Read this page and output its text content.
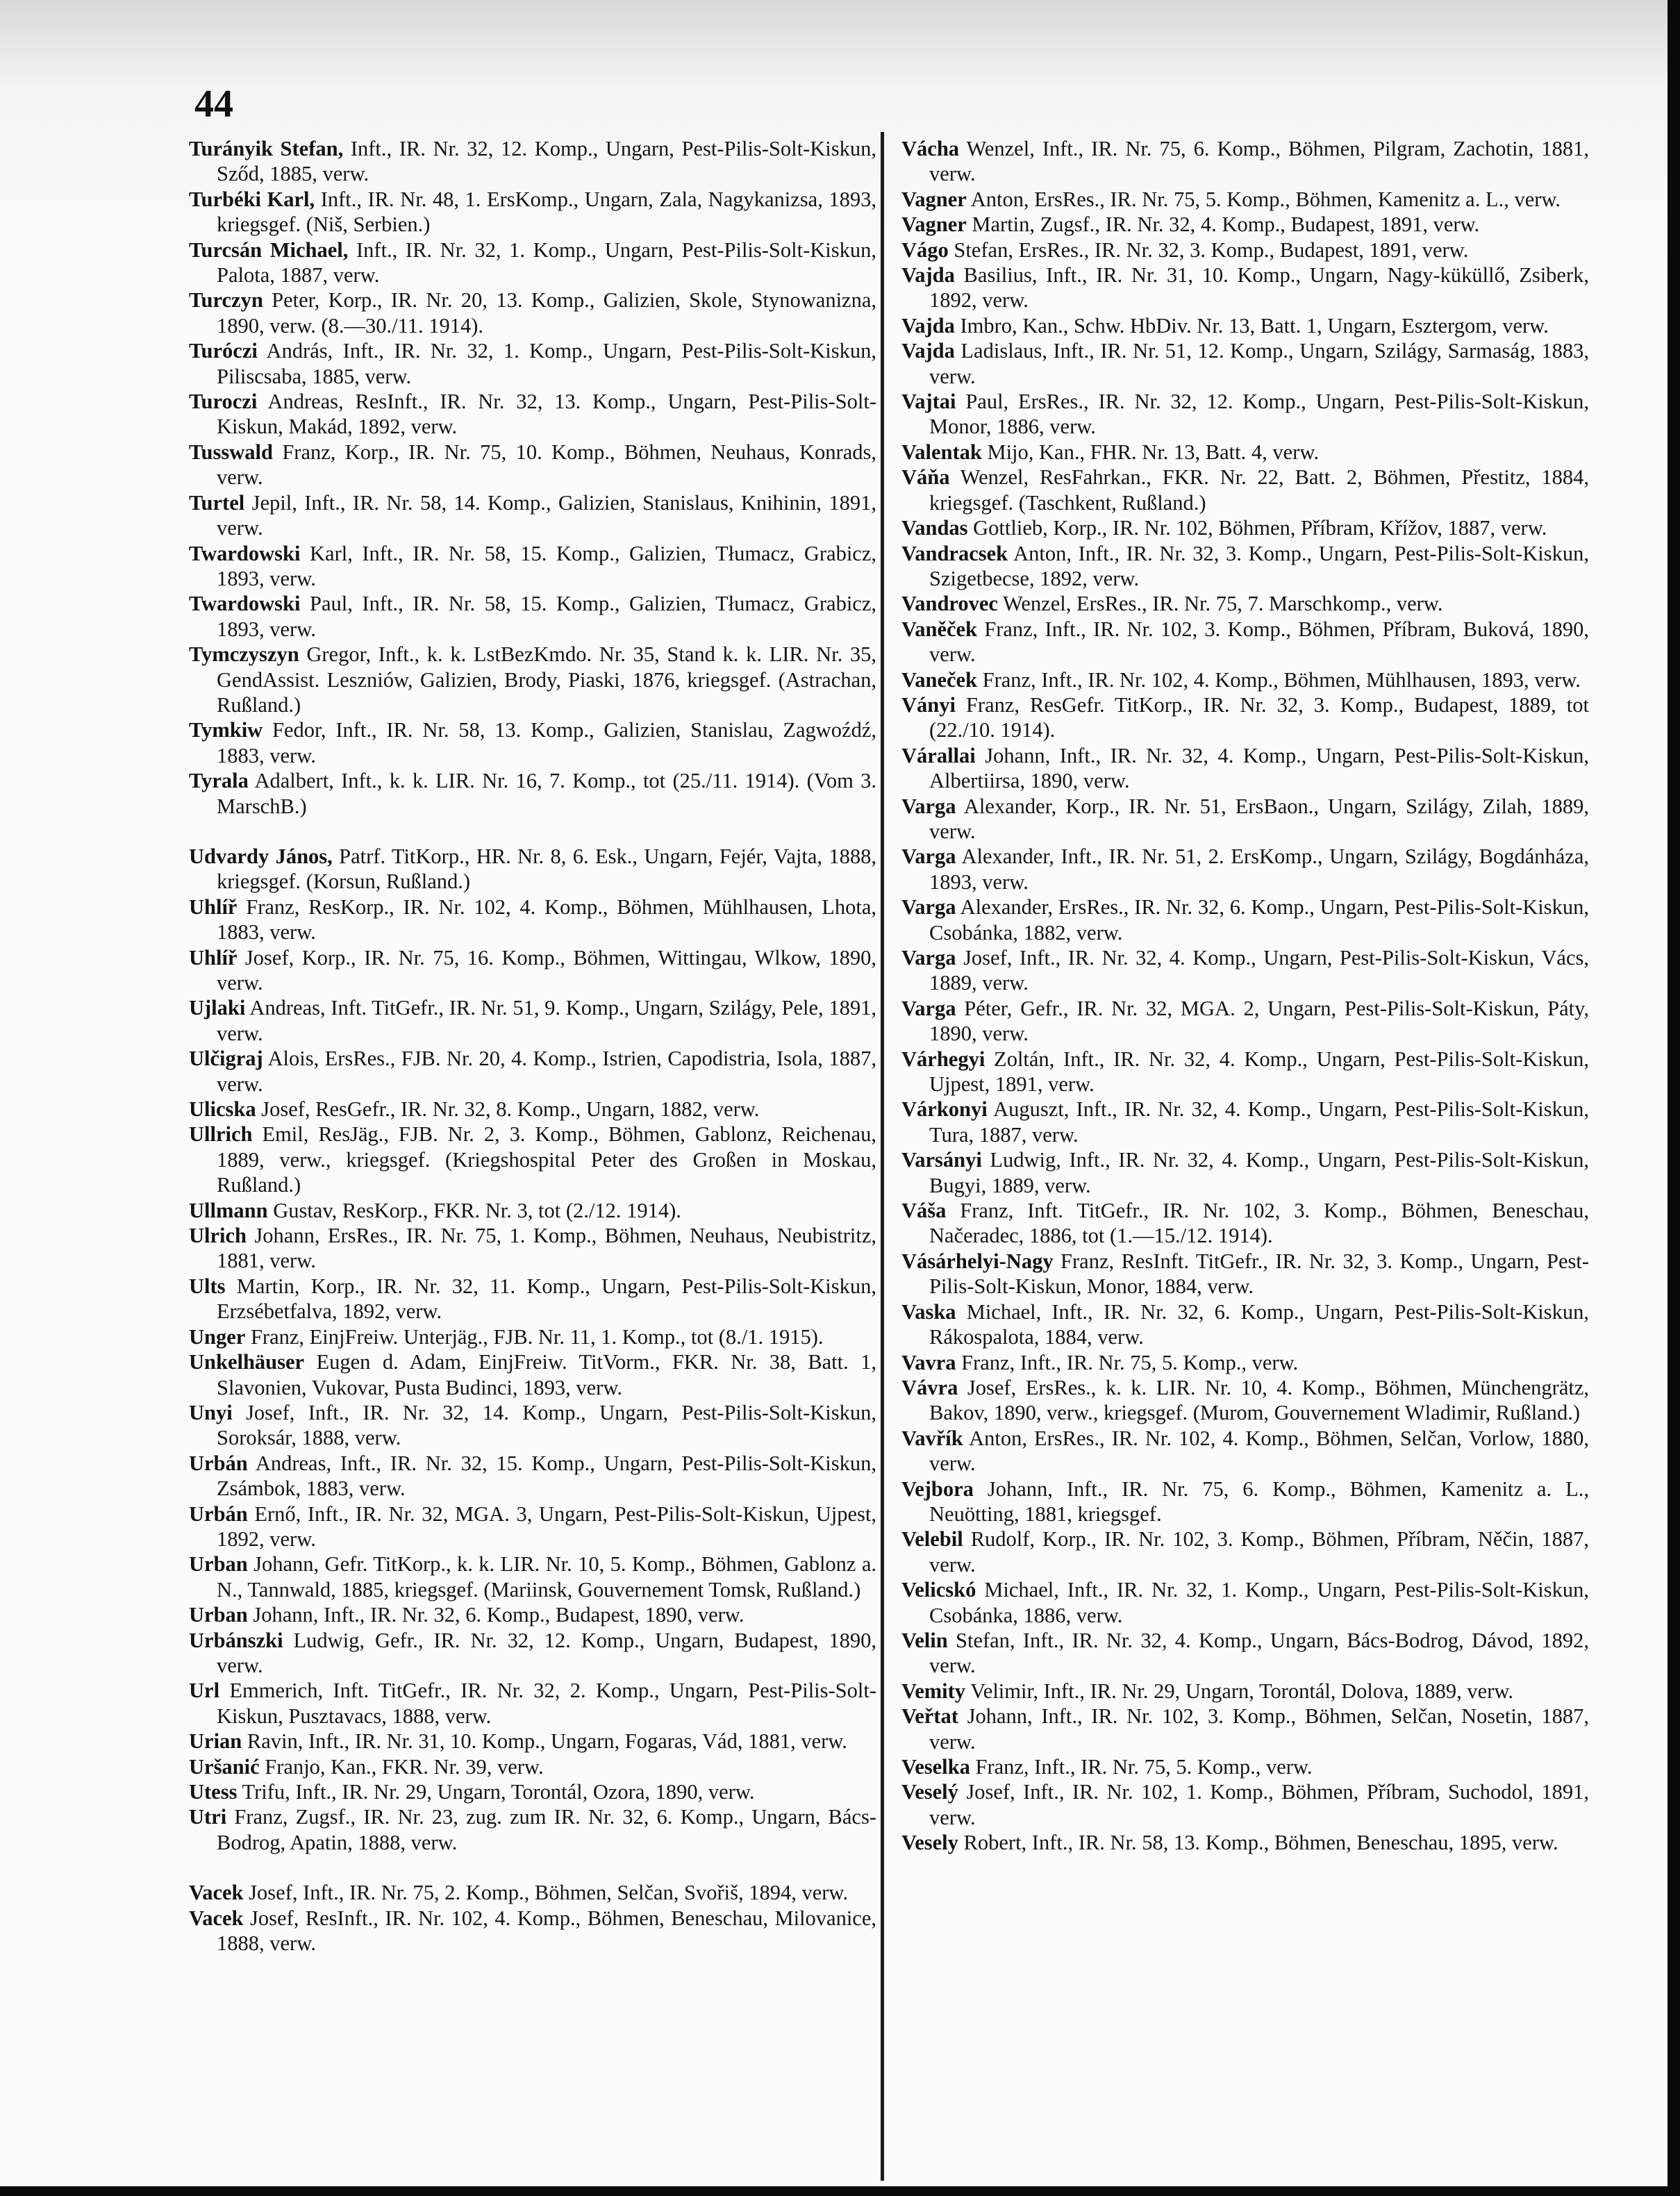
44
Turányik Stefan, Inft., IR. Nr. 32, 12. Komp., Ungarn, Pest-Pilis-Solt-Kiskun, Sződ, 1885, verw.
Turbéki Karl, Inft., IR. Nr. 48, 1. ErsKomp., Ungarn, Zala, Nagykanizsa, 1893, kriegsgef. (Niš, Serbien.)
Turcsán Michael, Inft., IR. Nr. 32, 1. Komp., Ungarn, Pest-Pilis-Solt-Kiskun, Palota, 1887, verw.
Turczyn Peter, Korp., IR. Nr. 20, 13. Komp., Galizien, Skole, Stynowanizna, 1890, verw. (8.—30./11. 1914).
Turóczi András, Inft., IR. Nr. 32, 1. Komp., Ungarn, Pest-Pilis-Solt-Kiskun, Piliscsaba, 1885, verw.
Turoczi Andreas, ResInft., IR. Nr. 32, 13. Komp., Ungarn, Pest-Pilis-Solt-Kiskun, Makád, 1892, verw.
Tusswald Franz, Korp., IR. Nr. 75, 10. Komp., Böhmen, Neuhaus, Konrads, verw.
Turtel Jepil, Inft., IR. Nr. 58, 14. Komp., Galizien, Stanislaus, Knihinin, 1891, verw.
Twardowski Karl, Inft., IR. Nr. 58, 15. Komp., Galizien, Tłumacz, Grabicz, 1893, verw.
Twardowski Paul, Inft., IR. Nr. 58, 15. Komp., Galizien, Tłumacz, Grabicz, 1893, verw.
Tymczyszyn Gregor, Inft., k. k. LstBezKmdo. Nr. 35, Stand k. k. LIR. Nr. 35, GendAssist. Leszniów, Galizien, Brody, Piaski, 1876, kriegsgef. (Astrachan, Rußland.)
Tymkiw Fedor, Inft., IR. Nr. 58, 13. Komp., Galizien, Stanislau, Zagwoźdź, 1883, verw.
Tyrala Adalbert, Inft., k. k. LIR. Nr. 16, 7. Komp., tot (25./11. 1914). (Vom 3. MarschB.)
Udvardy János, Patrf. TitKorp., HR. Nr. 8, 6. Esk., Ungarn, Fejér, Vajta, 1888, kriegsgef. (Korsun, Rußland.)
Uhlíř Franz, ResKorp., IR. Nr. 102, 4. Komp., Böhmen, Mühlhausen, Lhota, 1883, verw.
Uhlíř Josef, Korp., IR. Nr. 75, 16. Komp., Böhmen, Wittingau, Wlkow, 1890, verw.
Ujlaki Andreas, Inft. TitGefr., IR. Nr. 51, 9. Komp., Ungarn, Szilágy, Pele, 1891, verw.
Ulčigraj Alois, ErsRes., FJB. Nr. 20, 4. Komp., Istrien, Capodistria, Isola, 1887, verw.
Ulicska Josef, ResGefr., IR. Nr. 32, 8. Komp., Ungarn, 1882, verw.
Ullrich Emil, ResJäg., FJB. Nr. 2, 3. Komp., Böhmen, Gablonz, Reichenau, 1889, verw., kriegsgef. (Kriegshospital Peter des Großen in Moskau, Rußland.)
Ullmann Gustav, ResKorp., FKR. Nr. 3, tot (2./12. 1914).
Ulrich Johann, ErsRes., IR. Nr. 75, 1. Komp., Böhmen, Neuhaus, Neubistritz, 1881, verw.
Ults Martin, Korp., IR. Nr. 32, 11. Komp., Ungarn, Pest-Pilis-Solt-Kiskun, Erzsébetfalva, 1892, verw.
Unger Franz, EinjFreiw. Unterjäg., FJB. Nr. 11, 1. Komp., tot (8./1. 1915).
Unkelhäuser Eugen d. Adam, EinjFreiw. TitVorm., FKR. Nr. 38, Batt. 1, Slavonien, Vukovar, Pusta Budinci, 1893, verw.
Unyi Josef, Inft., IR. Nr. 32, 14. Komp., Ungarn, Pest-Pilis-Solt-Kiskun, Soroksár, 1888, verw.
Urbán Andreas, Inft., IR. Nr. 32, 15. Komp., Ungarn, Pest-Pilis-Solt-Kiskun, Zsámbok, 1883, verw.
Urbán Ernő, Inft., IR. Nr. 32, MGA. 3, Ungarn, Pest-Pilis-Solt-Kiskun, Ujpest, 1892, verw.
Urban Johann, Gefr. TitKorp., k. k. LIR. Nr. 10, 5. Komp., Böhmen, Gablonz a. N., Tannwald, 1885, kriegsgef. (Mariinsk, Gouvernement Tomsk, Rußland.)
Urban Johann, Inft., IR. Nr. 32, 6. Komp., Budapest, 1890, verw.
Urbánszki Ludwig, Gefr., IR. Nr. 32, 12. Komp., Ungarn, Budapest, 1890, verw.
Url Emmerich, Inft. TitGefr., IR. Nr. 32, 2. Komp., Ungarn, Pest-Pilis-Solt-Kiskun, Pusztavacs, 1888, verw.
Urian Ravin, Inft., IR. Nr. 31, 10. Komp., Ungarn, Fogaras, Vád, 1881, verw.
Uršanić Franjo, Kan., FKR. Nr. 39, verw.
Utess Trifu, Inft., IR. Nr. 29, Ungarn, Torontál, Ozora, 1890, verw.
Utri Franz, Zugsf., IR. Nr. 23, zug. zum IR. Nr. 32, 6. Komp., Ungarn, Bács-Bodrog, Apatin, 1888, verw.
Vacek Josef, Inft., IR. Nr. 75, 2. Komp., Böhmen, Selčan, Svořiš, 1894, verw.
Vacek Josef, ResInft., IR. Nr. 102, 4. Komp., Böhmen, Beneschau, Milovanice, 1888, verw.
Vácha Wenzel, Inft., IR. Nr. 75, 6. Komp., Böhmen, Pilgram, Zachotin, 1881, verw.
Vagner Anton, ErsRes., IR. Nr. 75, 5. Komp., Böhmen, Kamenitz a. L., verw.
Vagner Martin, Zugsf., IR. Nr. 32, 4. Komp., Budapest, 1891, verw.
Vágo Stefan, ErsRes., IR. Nr. 32, 3. Komp., Budapest, 1891, verw.
Vajda Basilius, Inft., IR. Nr. 31, 10. Komp., Ungarn, Nagy-küküllő, Zsiberk, 1892, verw.
Vajda Imbro, Kan., Schw. HbDiv. Nr. 13, Batt. 1, Ungarn, Esztergom, verw.
Vajda Ladislaus, Inft., IR. Nr. 51, 12. Komp., Ungarn, Szilágy, Sarmaság, 1883, verw.
Vajtai Paul, ErsRes., IR. Nr. 32, 12. Komp., Ungarn, Pest-Pilis-Solt-Kiskun, Monor, 1886, verw.
Valentak Mijo, Kan., FHR. Nr. 13, Batt. 4, verw.
Váňa Wenzel, ResFahrkan., FKR. Nr. 22, Batt. 2, Böhmen, Přestitz, 1884, kriegsgef. (Taschkent, Rußland.)
Vandas Gottlieb, Korp., IR. Nr. 102, Böhmen, Příbram, Křížov, 1887, verw.
Vandracsek Anton, Inft., IR. Nr. 32, 3. Komp., Ungarn, Pest-Pilis-Solt-Kiskun, Szigetbecse, 1892, verw.
Vandrovec Wenzel, ErsRes., IR. Nr. 75, 7. Marschkomp., verw.
Vaněček Franz, Inft., IR. Nr. 102, 3. Komp., Böhmen, Příbram, Buková, 1890, verw.
Vaneček Franz, Inft., IR. Nr. 102, 4. Komp., Böhmen, Mühlhausen, 1893, verw.
Ványi Franz, ResGefr. TitKorp., IR. Nr. 32, 3. Komp., Budapest, 1889, tot (22./10. 1914).
Várallai Johann, Inft., IR. Nr. 32, 4. Komp., Ungarn, Pest-Pilis-Solt-Kiskun, Albertiirsa, 1890, verw.
Varga Alexander, Korp., IR. Nr. 51, ErsBaon., Ungarn, Szilágy, Zilah, 1889, verw.
Varga Alexander, Inft., IR. Nr. 51, 2. ErsKomp., Ungarn, Szilágy, Bogdánháza, 1893, verw.
Varga Alexander, ErsRes., IR. Nr. 32, 6. Komp., Ungarn, Pest-Pilis-Solt-Kiskun, Csobánka, 1882, verw.
Varga Josef, Inft., IR. Nr. 32, 4. Komp., Ungarn, Pest-Pilis-Solt-Kiskun, Vács, 1889, verw.
Varga Péter, Gefr., IR. Nr. 32, MGA. 2, Ungarn, Pest-Pilis-Solt-Kiskun, Páty, 1890, verw.
Várhegyi Zoltán, Inft., IR. Nr. 32, 4. Komp., Ungarn, Pest-Pilis-Solt-Kiskun, Ujpest, 1891, verw.
Várkonyi Auguszt, Inft., IR. Nr. 32, 4. Komp., Ungarn, Pest-Pilis-Solt-Kiskun, Tura, 1887, verw.
Varsányi Ludwig, Inft., IR. Nr. 32, 4. Komp., Ungarn, Pest-Pilis-Solt-Kiskun, Bugyi, 1889, verw.
Váša Franz, Inft. TitGefr., IR. Nr. 102, 3. Komp., Böhmen, Beneschau, Načeradec, 1886, tot (1.—15./12. 1914).
Vásárhelyi-Nagy Franz, ResInft. TitGefr., IR. Nr. 32, 3. Komp., Ungarn, Pest-Pilis-Solt-Kiskun, Monor, 1884, verw.
Vaska Michael, Inft., IR. Nr. 32, 6. Komp., Ungarn, Pest-Pilis-Solt-Kiskun, Rákospalota, 1884, verw.
Vavra Franz, Inft., IR. Nr. 75, 5. Komp., verw.
Vávra Josef, ErsRes., k. k. LIR. Nr. 10, 4. Komp., Böhmen, Münchengrätz, Bakov, 1890, verw., kriegsgef. (Murom, Gouvernement Wladimir, Rußland.)
Vavřík Anton, ErsRes., IR. Nr. 102, 4. Komp., Böhmen, Selčan, Vorlow, 1880, verw.
Vejbora Johann, Inft., IR. Nr. 75, 6. Komp., Böhmen, Kamenitz a. L., Neuötting, 1881, kriegsgef.
Velebil Rudolf, Korp., IR. Nr. 102, 3. Komp., Böhmen, Příbram, Něčin, 1887, verw.
Velicskó Michael, Inft., IR. Nr. 32, 1. Komp., Ungarn, Pest-Pilis-Solt-Kiskun, Csobánka, 1886, verw.
Velin Stefan, Inft., IR. Nr. 32, 4. Komp., Ungarn, Bács-Bodrog, Dávod, 1892, verw.
Vemity Velimir, Inft., IR. Nr. 29, Ungarn, Torontál, Dolova, 1889, verw.
Veřtat Johann, Inft., IR. Nr. 102, 3. Komp., Böhmen, Selčan, Nosetin, 1887, verw.
Veselka Franz, Inft., IR. Nr. 75, 5. Komp., verw.
Veselý Josef, Inft., IR. Nr. 102, 1. Komp., Böhmen, Příbram, Suchodol, 1891, verw.
Vesely Robert, Inft., IR. Nr. 58, 13. Komp., Böhmen, Beneschau, 1895, verw.
